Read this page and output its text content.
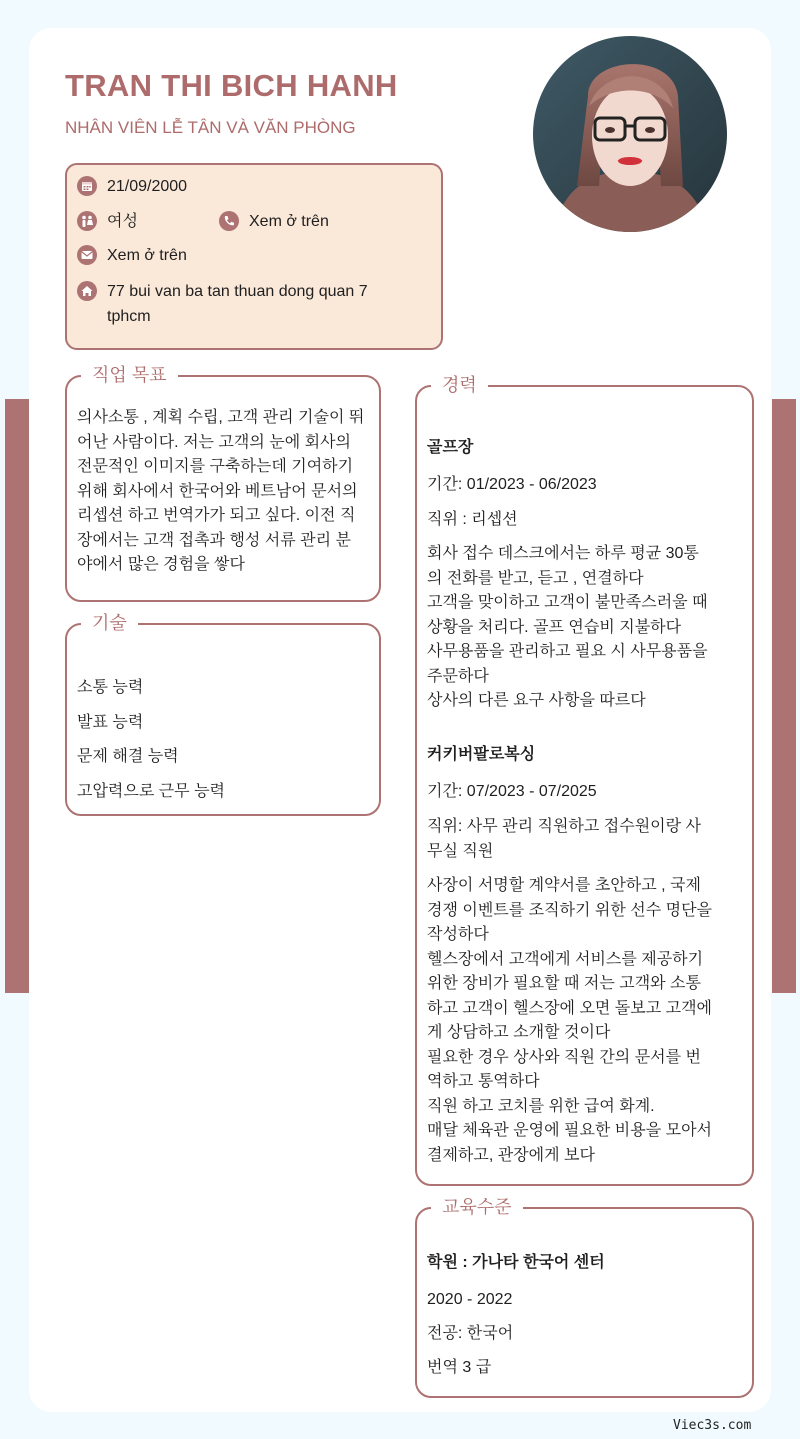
TRAN THI BICH HANH
NHÂN VIÊN LỄ TÂN VÀ VĂN PHÒNG
21/09/2000
여성	Xem ở trên
Xem ở trên
77 bui van ba tan thuan dong quan 7
tphcm
직업 목표
의사소통 , 계획 수립, 고객 관리 기술이 뛰
어난 사람이다. 저는 고객의 눈에 회사의
전문적인 이미지를 구축하는데 기여하기
위해 회사에서 한국어와 베트남어 문서의
리셉션 하고 번역가가 되고 싶다. 이전 직
장에서는 고객 접촉과 행성 서류 관리 분
야에서 많은 경험을 쌓다
기술
소통 능력
발표 능력
문제 해결 능력
고압력으로 근무 능력
경력
골프장
기간: 01/2023 - 06/2023
직위 : 리셉션
회사 접수 데스크에서는 하루 평균 30통
의 전화를 받고, 듣고 , 연결하다
고객을 맞이하고 고객이 불만족스러울 때
상황을 처리다. 골프 연습비 지불하다
사무용품을 관리하고 필요 시 사무용품을
주문하다
상사의 다른 요구 사항을 따르다
커키버팔로복싱
기간: 07/2023 - 07/2025
직위: 사무 관리 직원하고 접수원이랑 사
무실 직원
사장이 서명할 계약서를 초안하고 , 국제
경쟁 이벤트를 조직하기 위한 선수 명단을
작성하다
헬스장에서 고객에게 서비스를 제공하기
위한 장비가 필요할 때 저는 고객와 소통
하고 고객이 헬스장에 오면 돌보고 고객에
게 상담하고 소개할 것이다
필요한 경우 상사와 직원 간의 문서를 번
역하고 통역하다
직원 하고 코치를 위한 급여 화계.
매달 체육관 운영에 필요한 비용을 모아서
결제하고, 관장에게 보다
교육수준
학원 : 가나타 한국어 센터
2020 - 2022
전공: 한국어
번역 3 급
Viec3s.com
